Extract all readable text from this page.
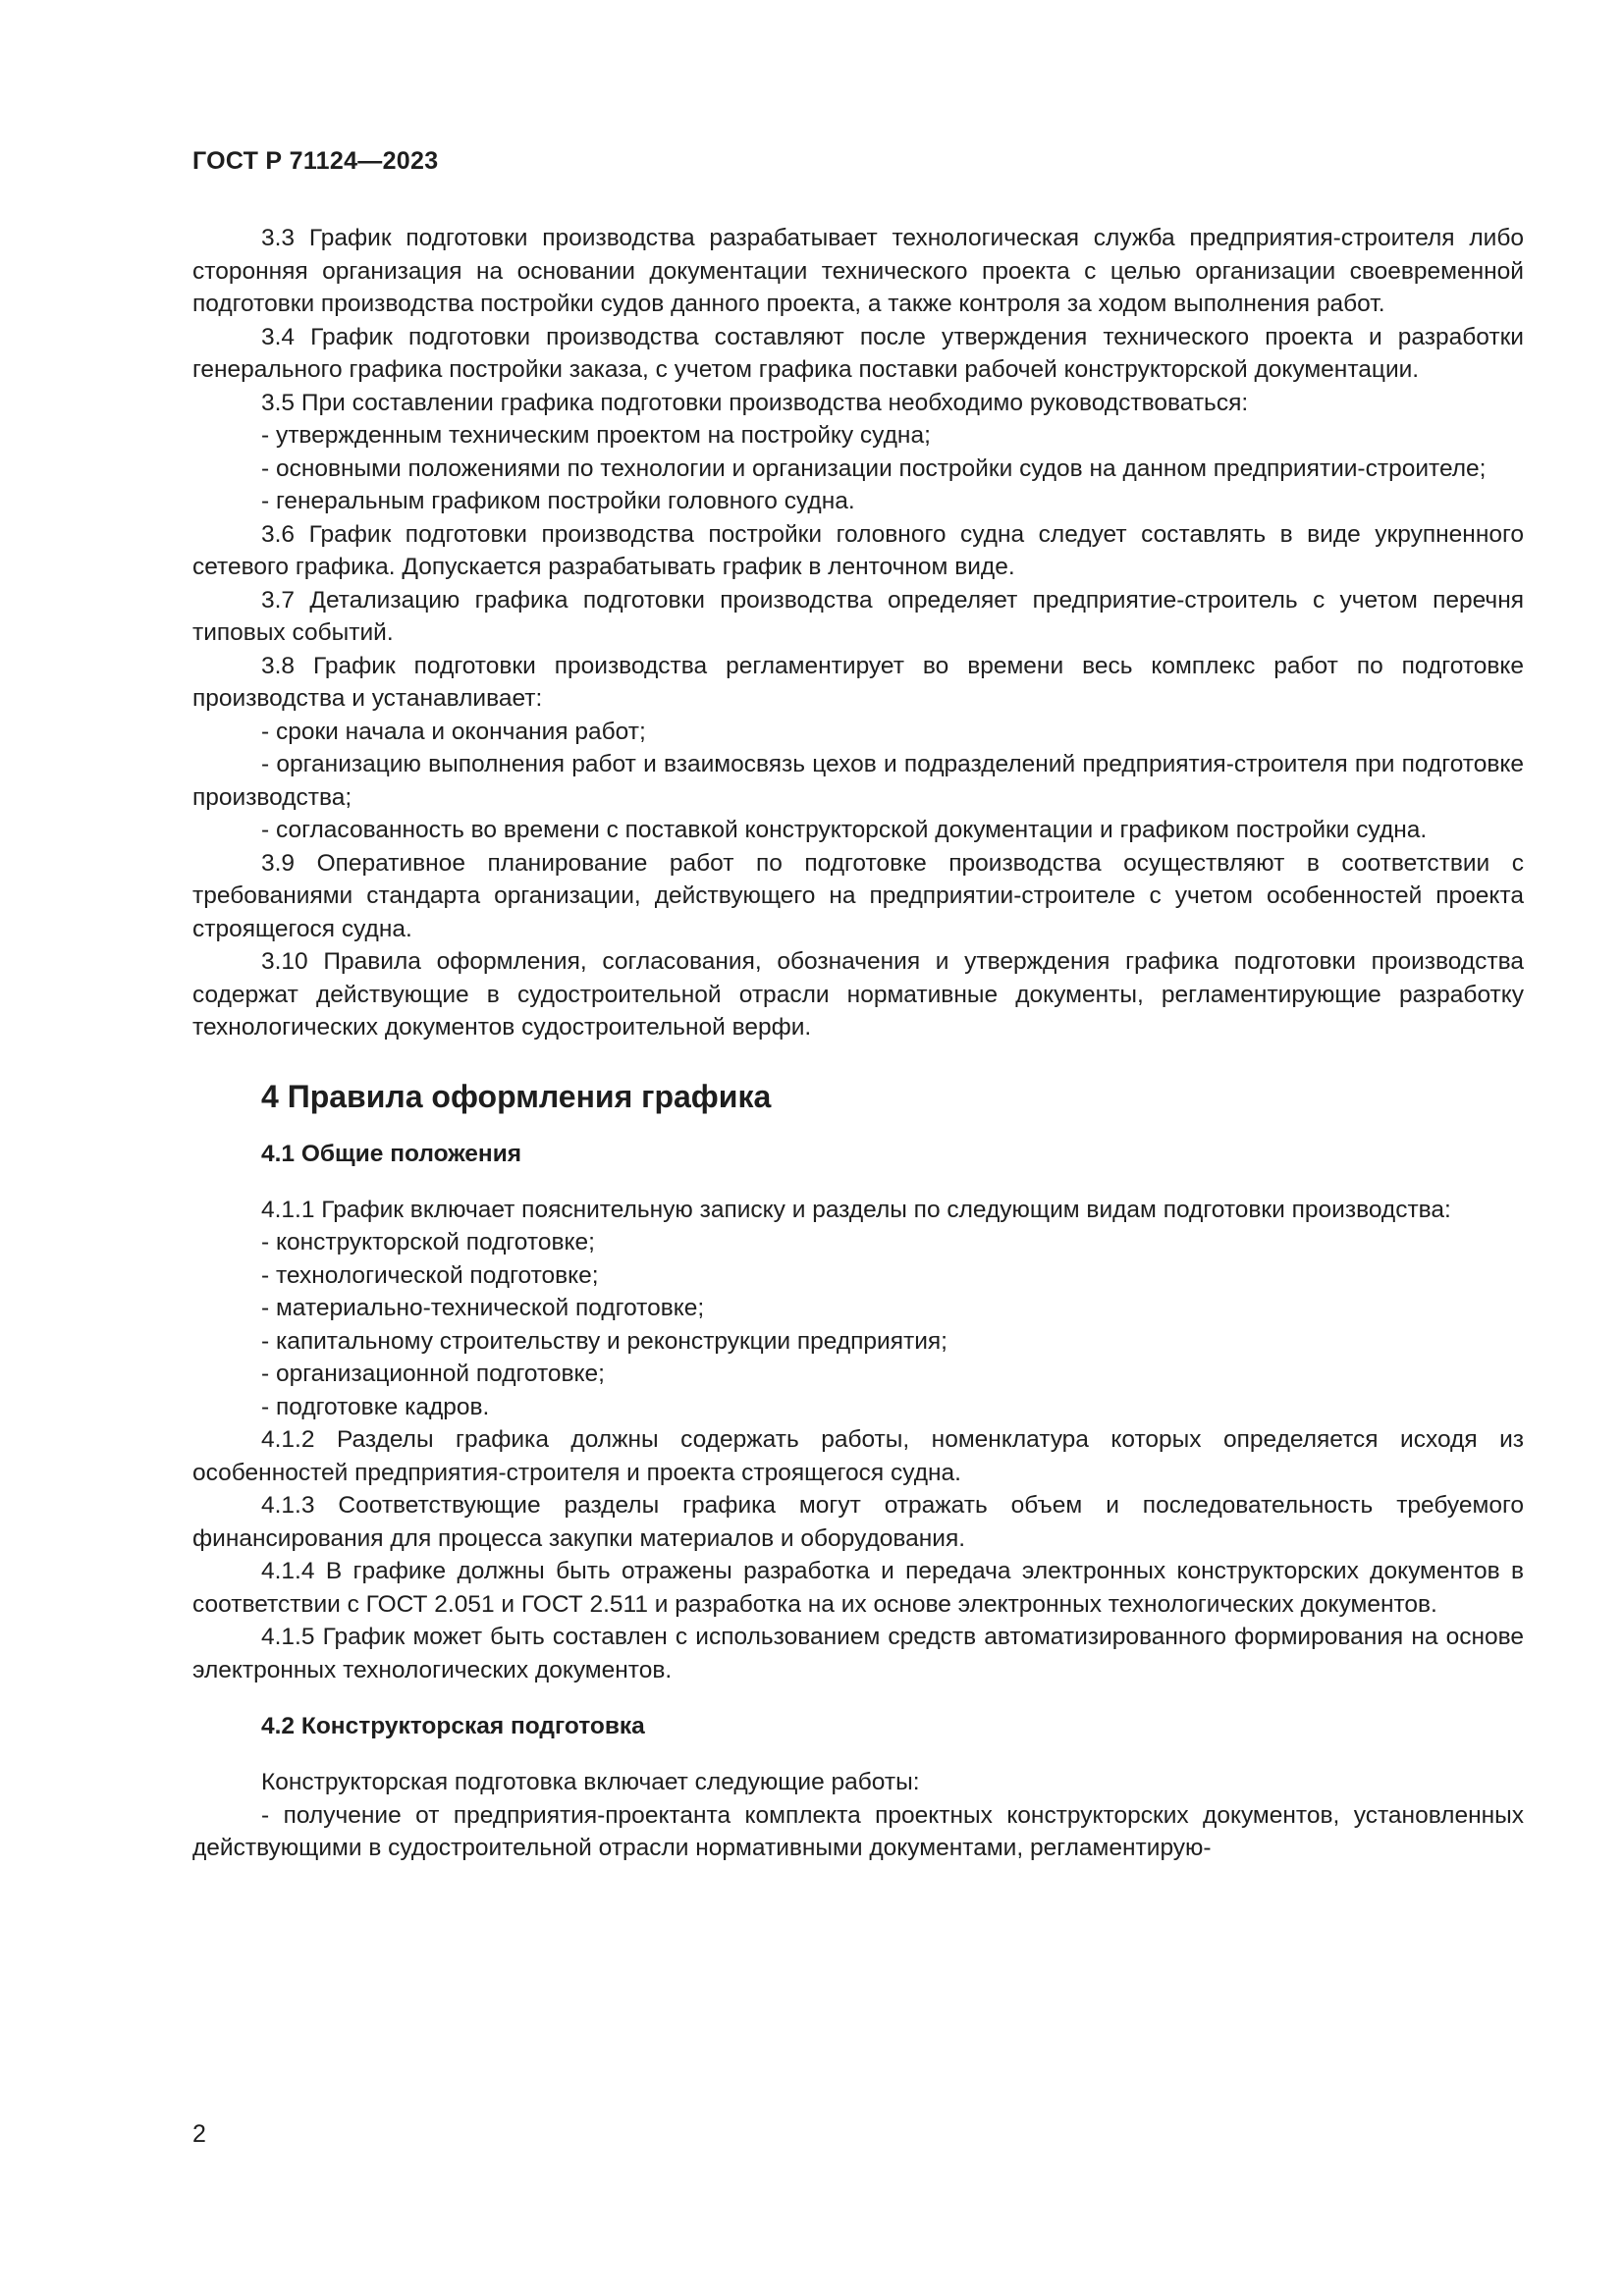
ГОСТ Р 71124—2023

3.3 График подготовки производства разрабатывает технологическая служба предприятия-строителя либо сторонняя организация на основании документации технического проекта с целью организации своевременной подготовки производства постройки судов данного проекта, а также контроля за ходом выполнения работ.

3.4 График подготовки производства составляют после утверждения технического проекта и разработки генерального графика постройки заказа, с учетом графика поставки рабочей конструкторской документации.

3.5 При составлении графика подготовки производства необходимо руководствоваться:

- утвержденным техническим проектом на постройку судна;

- основными положениями по технологии и организации постройки судов на данном предприятии-строителе;

- генеральным графиком постройки головного судна.

3.6 График подготовки производства постройки головного судна следует составлять в виде укрупненного сетевого графика. Допускается разрабатывать график в ленточном виде.

3.7 Детализацию графика подготовки производства определяет предприятие-строитель с учетом перечня типовых событий.

3.8 График подготовки производства регламентирует во времени весь комплекс работ по подготовке производства и устанавливает:

- сроки начала и окончания работ;

- организацию выполнения работ и взаимосвязь цехов и подразделений предприятия-строителя при подготовке производства;

- согласованность во времени с поставкой конструкторской документации и графиком постройки судна.

3.9 Оперативное планирование работ по подготовке производства осуществляют в соответствии с требованиями стандарта организации, действующего на предприятии-строителе с учетом особенностей проекта строящегося судна.

3.10 Правила оформления, согласования, обозначения и утверждения графика подготовки производства содержат действующие в судостроительной отрасли нормативные документы, регламентирующие разработку технологических документов судостроительной верфи.

4 Правила оформления графика
4.1 Общие положения

4.1.1 График включает пояснительную записку и разделы по следующим видам подготовки производства:

- конструкторской подготовке;

- технологической подготовке;

- материально-технической подготовке;

- капитальному строительству и реконструкции предприятия;

- организационной подготовке;

- подготовке кадров.

4.1.2 Разделы графика должны содержать работы, номенклатура которых определяется исходя из особенностей предприятия-строителя и проекта строящегося судна.

4.1.3 Соответствующие разделы графика могут отражать объем и последовательность требуемого финансирования для процесса закупки материалов и оборудования.

4.1.4 В графике должны быть отражены разработка и передача электронных конструкторских документов в соответствии с ГОСТ 2.051 и ГОСТ 2.511 и разработка на их основе электронных технологических документов.

4.1.5 График может быть составлен с использованием средств автоматизированного формирования на основе электронных технологических документов.

4.2 Конструкторская подготовка

Конструкторская подготовка включает следующие работы:

- получение от предприятия-проектанта комплекта проектных конструкторских документов, установленных действующими в судостроительной отрасли нормативными документами, регламентирую-

2
